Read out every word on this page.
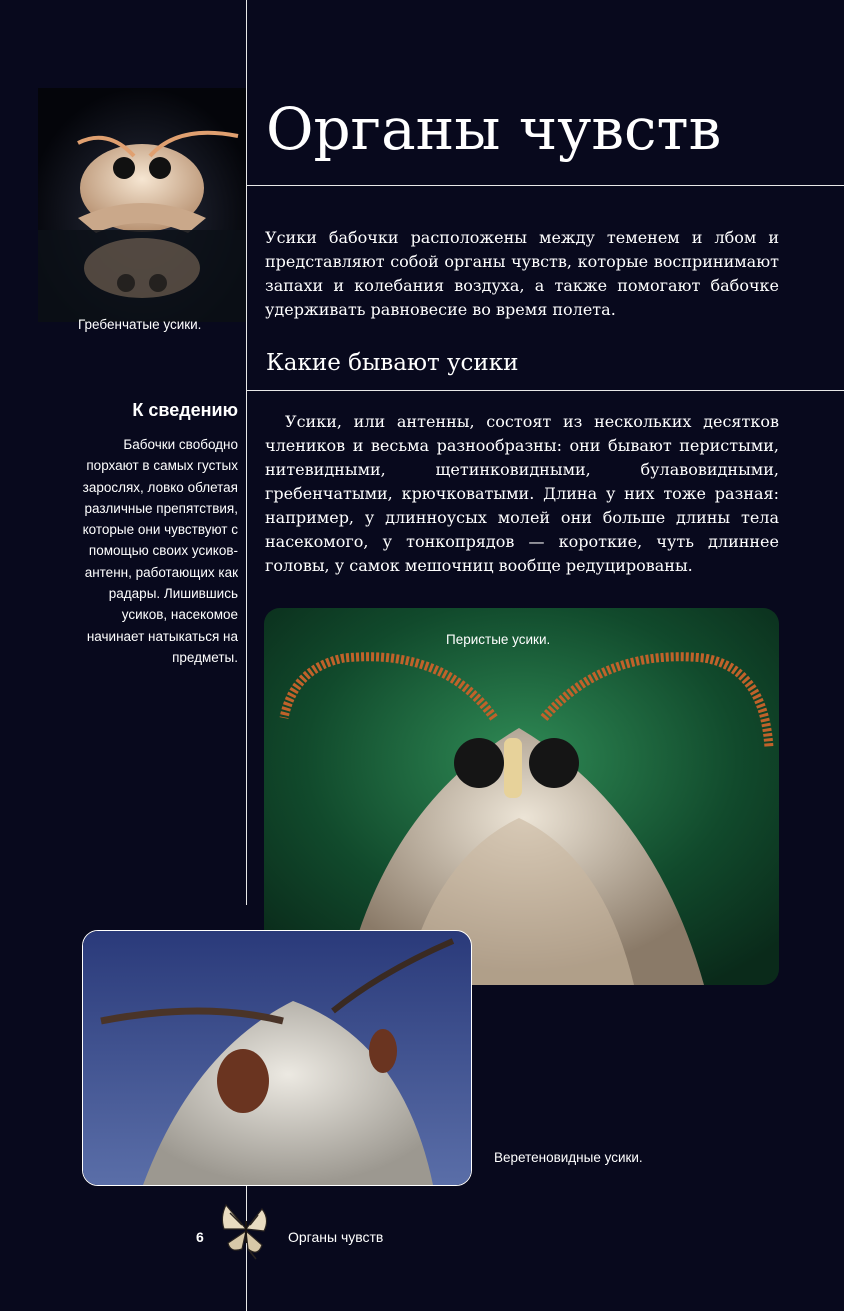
Гребенчатые усики.

Органы чувств

Усики бабочки расположены между теменем и лбом и представляют собой органы чувств, которые воспринимают запахи и колебания воздуха, а также помогают бабочке удерживать равновесие во время полета.

Какие бывают усики

Усики, или антенны, состоят из нескольких десятков члеников и весьма разнообразны: они бывают перистыми, нитевидными, щетинковидными, булавовидными, гребенчатыми, крючковатыми. Длина у них тоже разная: например, у длинноусых молей они больше длины тела насекомого, у тонкопрядов — короткие, чуть длиннее головы, у самок мешочниц вообще редуцированы.

К сведению

Бабочки свободно порхают в самых густых зарослях, ловко облетая различные препятствия, которые они чувствуют с помощью своих усиков-антенн, работающих как радары. Лишившись усиков, насекомое начинает натыкаться на предметы.

Перистые усики.

Веретеновидные усики.

6	Органы чувств
